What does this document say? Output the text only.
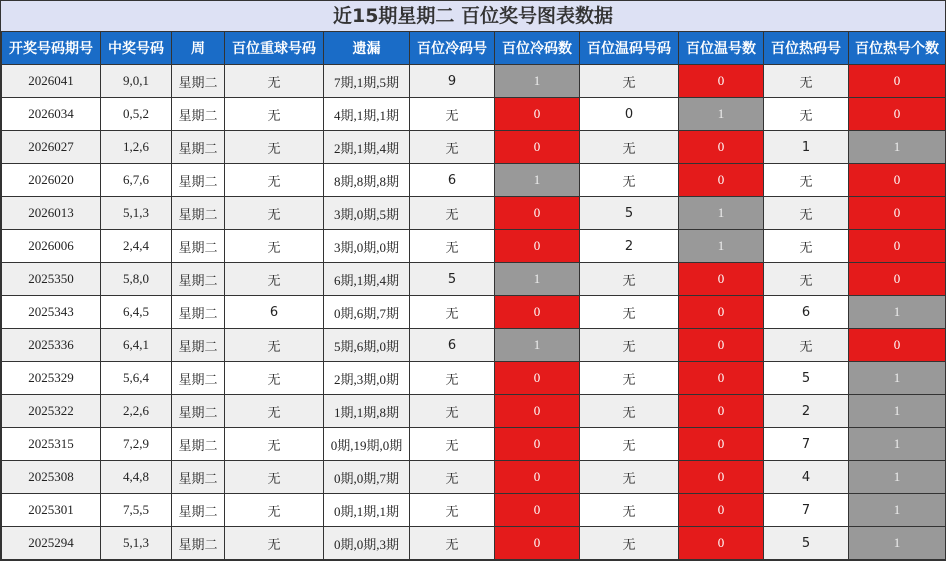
近15期星期二 百位奖号图表数据
开奖号码期号	中奖号码	周	百位重球号码	遗漏	百位冷码号	百位冷码数	百位温码号码	百位温号数	百位热码号	百位热号个数
2026041	9,0,1	星期二	无	7期,1期,5期	9	1	无	0	无	0
2026034	0,5,2	星期二	无	4期,1期,1期	无	0	0	1	无	0
2026027	1,2,6	星期二	无	2期,1期,4期	无	0	无	0	1	1
2026020	6,7,6	星期二	无	8期,8期,8期	6	1	无	0	无	0
2026013	5,1,3	星期二	无	3期,0期,5期	无	0	5	1	无	0
2026006	2,4,4	星期二	无	3期,0期,0期	无	0	2	1	无	0
2025350	5,8,0	星期二	无	6期,1期,4期	5	1	无	0	无	0
2025343	6,4,5	星期二	6	0期,6期,7期	无	0	无	0	6	1
2025336	6,4,1	星期二	无	5期,6期,0期	6	1	无	0	无	0
2025329	5,6,4	星期二	无	2期,3期,0期	无	0	无	0	5	1
2025322	2,2,6	星期二	无	1期,1期,8期	无	0	无	0	2	1
2025315	7,2,9	星期二	无	0期,19期,0期	无	0	无	0	7	1
2025308	4,4,8	星期二	无	0期,0期,7期	无	0	无	0	4	1
2025301	7,5,5	星期二	无	0期,1期,1期	无	0	无	0	7	1
2025294	5,1,3	星期二	无	0期,0期,3期	无	0	无	0	5	1
